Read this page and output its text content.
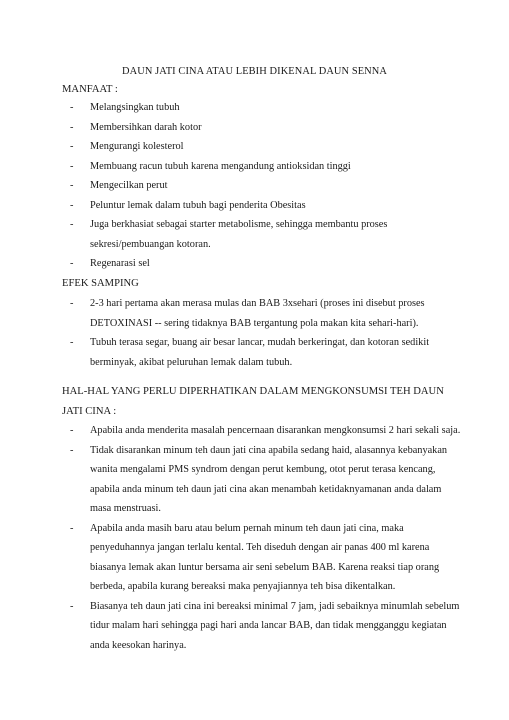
DAUN JATI CINA ATAU LEBIH DIKENAL DAUN SENNA
MANFAAT :
- Melangsingkan tubuh
- Membersihkan darah kotor
- Mengurangi kolesterol
- Membuang racun tubuh karena mengandung antioksidan tinggi
- Mengecilkan perut
- Peluntur lemak dalam tubuh bagi penderita Obesitas
- Juga berkhasiat sebagai starter metabolisme, sehingga membantu proses sekresi/pembuangan kotoran.
- Regenarasi sel
EFEK SAMPING
- 2-3 hari pertama akan merasa mulas dan BAB 3xsehari (proses ini disebut proses DETOXINASI -- sering tidaknya BAB tergantung pola makan kita sehari-hari).
- Tubuh terasa segar, buang air besar lancar, mudah berkeringat, dan kotoran sedikit berminyak, akibat peluruhan lemak dalam tubuh.
HAL-HAL YANG PERLU DIPERHATIKAN DALAM MENGKONSUMSI TEH DAUN JATI CINA :
- Apabila anda menderita masalah pencernaan disarankan mengkonsumsi 2 hari sekali saja.
- Tidak disarankan minum teh daun jati cina apabila sedang haid, alasannya kebanyakan wanita mengalami PMS syndrom dengan perut kembung, otot perut terasa kencang, apabila anda minum teh daun jati cina akan menambah ketidaknyamanan anda dalam masa menstruasi.
- Apabila anda masih baru atau belum pernah minum teh daun jati cina, maka penyeduhannya jangan terlalu kental. Teh diseduh dengan air panas 400 ml karena biasanya lemak akan luntur bersama air seni sebelum BAB. Karena reaksi tiap orang berbeda, apabila kurang bereaksi maka penyajiannya teh bisa dikentalkan.
- Biasanya teh daun jati cina ini bereaksi minimal 7 jam, jadi sebaiknya minumlah sebelum tidur malam hari sehingga pagi hari anda lancar BAB, dan tidak mengganggu kegiatan anda keesokan harinya.
